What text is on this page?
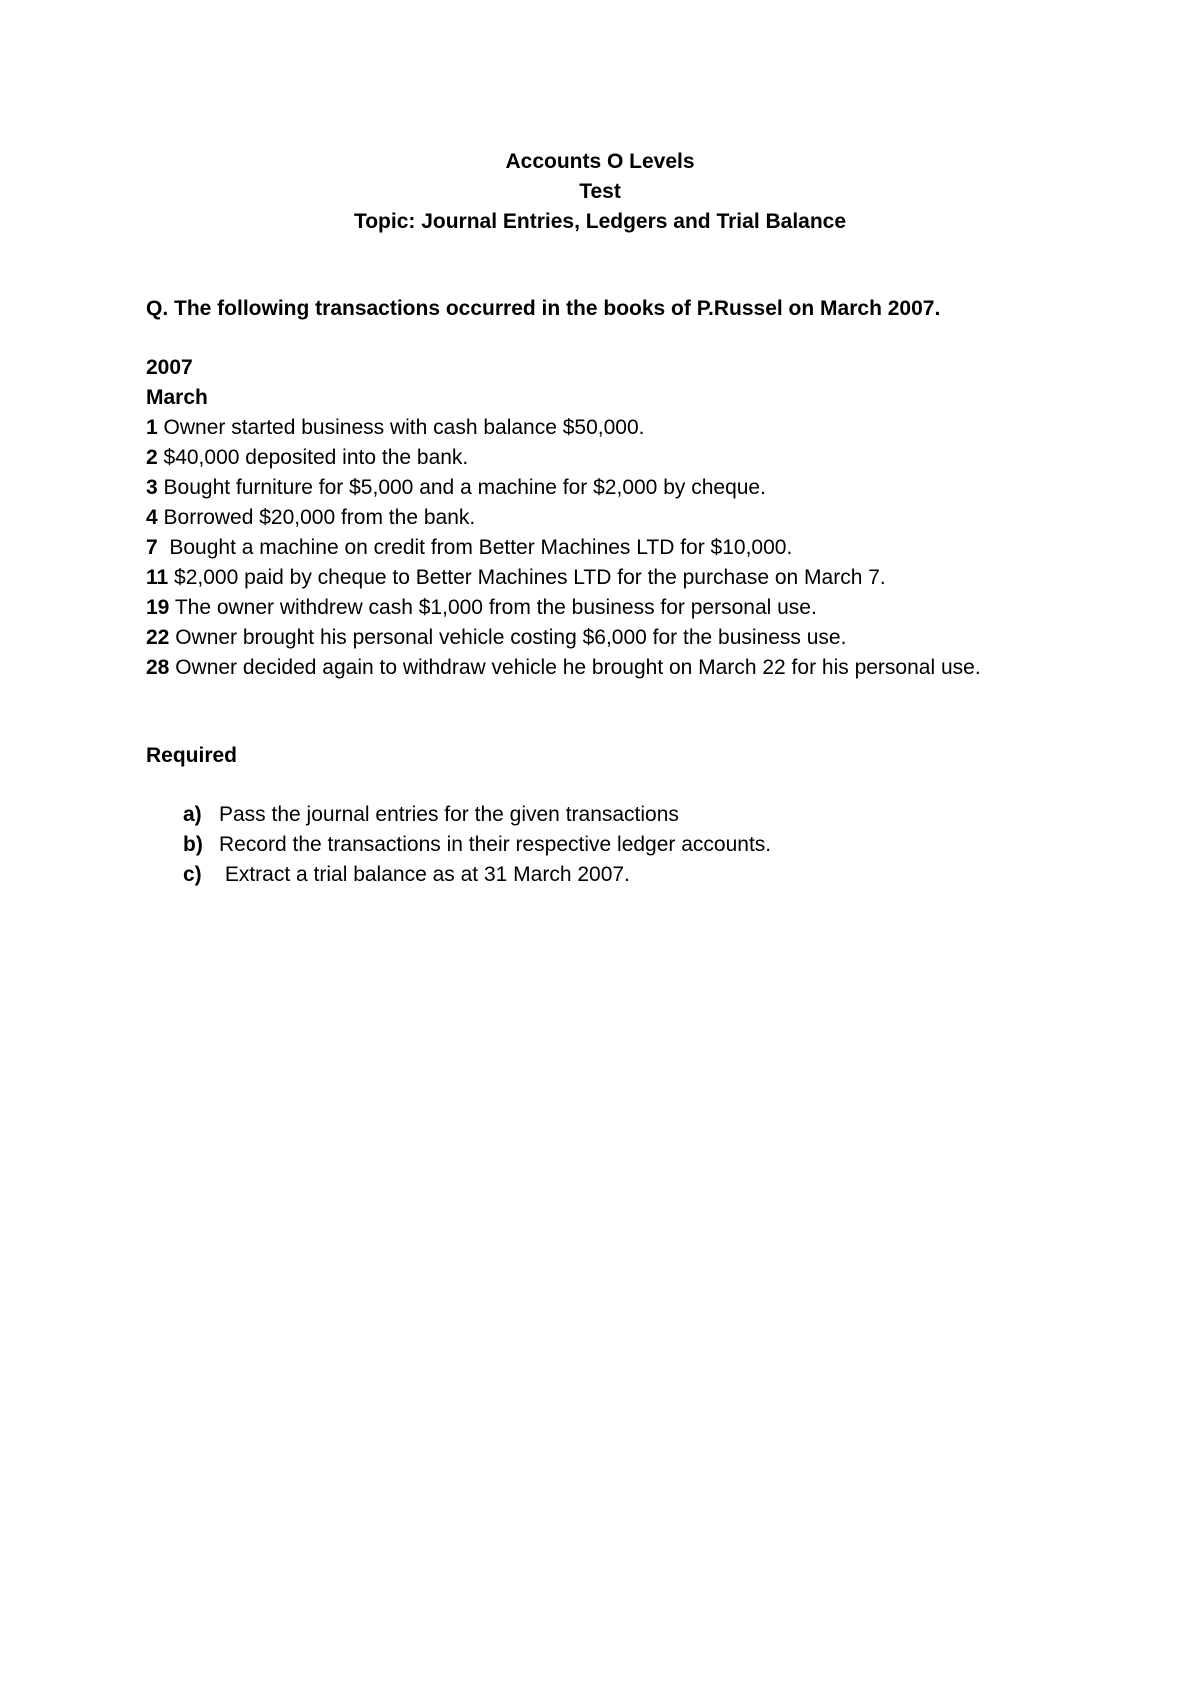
Accounts O Levels
Test
Topic: Journal Entries, Ledgers and Trial Balance
Q. The following transactions occurred in the books of P.Russel on March 2007.
2007
March
1 Owner started business with cash balance $50,000.
2 $40,000 deposited into the bank.
3 Bought furniture for $5,000 and a machine for $2,000 by cheque.
4 Borrowed $20,000 from the bank.
7  Bought a machine on credit from Better Machines LTD for $10,000.
11 $2,000 paid by cheque to Better Machines LTD for the purchase on March 7.
19 The owner withdrew cash $1,000 from the business for personal use.
22 Owner brought his personal vehicle costing $6,000 for the business use.
28 Owner decided again to withdraw vehicle he brought on March 22 for his personal use.
Required
a) Pass the journal entries for the given transactions
b) Record the transactions in their respective ledger accounts.
c) Extract a trial balance as at 31 March 2007.
